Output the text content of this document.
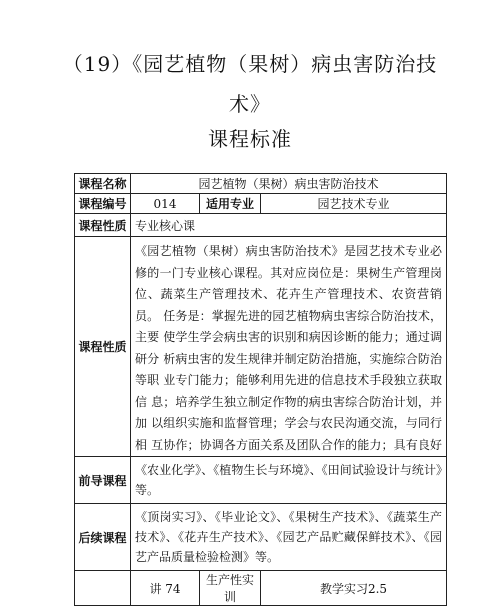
（19）《园艺植物（果树）病虫害防治技
术》
课程标准
课程名称	园艺植物（果树）病虫害防治技术		
课程编号	014	适用专业	园艺技术专业
课程性质	专业核心课		
课程性质	《园艺植物（果树）病虫害防治技术》是园艺技术专业必修的一门专业核心课程。其对应岗位是：果树生产管理岗位、蔬菜生产管理技术、花卉生产管理技术、农资营销员。 任务是：掌握先进的园艺植物病虫害综合防治技术，主要 使学生学会病虫害的识别和病因诊断的能力；通过调研分 析病虫害的发生规律并制定防治措施，实施综合防治等职 业专门能力；能够利用先进的信息技术手段独立获取信 息；培养学生独立制定作物的病虫害综合防治计划，并加 以组织实施和监督管理；学会与农民沟通交流，与同行相 互协作；协调各方面关系及团队合作的能力；具有良好		

前导课程	《农业化学》、《植物生长与环境》、《田间试验设计与统计》等。		
后续课程	《顶岗实习》、《毕业论文》、《果树生产技术》、《蔬菜生产技术》、《花卉生产技术》、《园艺产品贮藏保鲜技术》、《园艺产品质量检验检测》等。		
	讲 74	生产性实训	教学实习2.5
